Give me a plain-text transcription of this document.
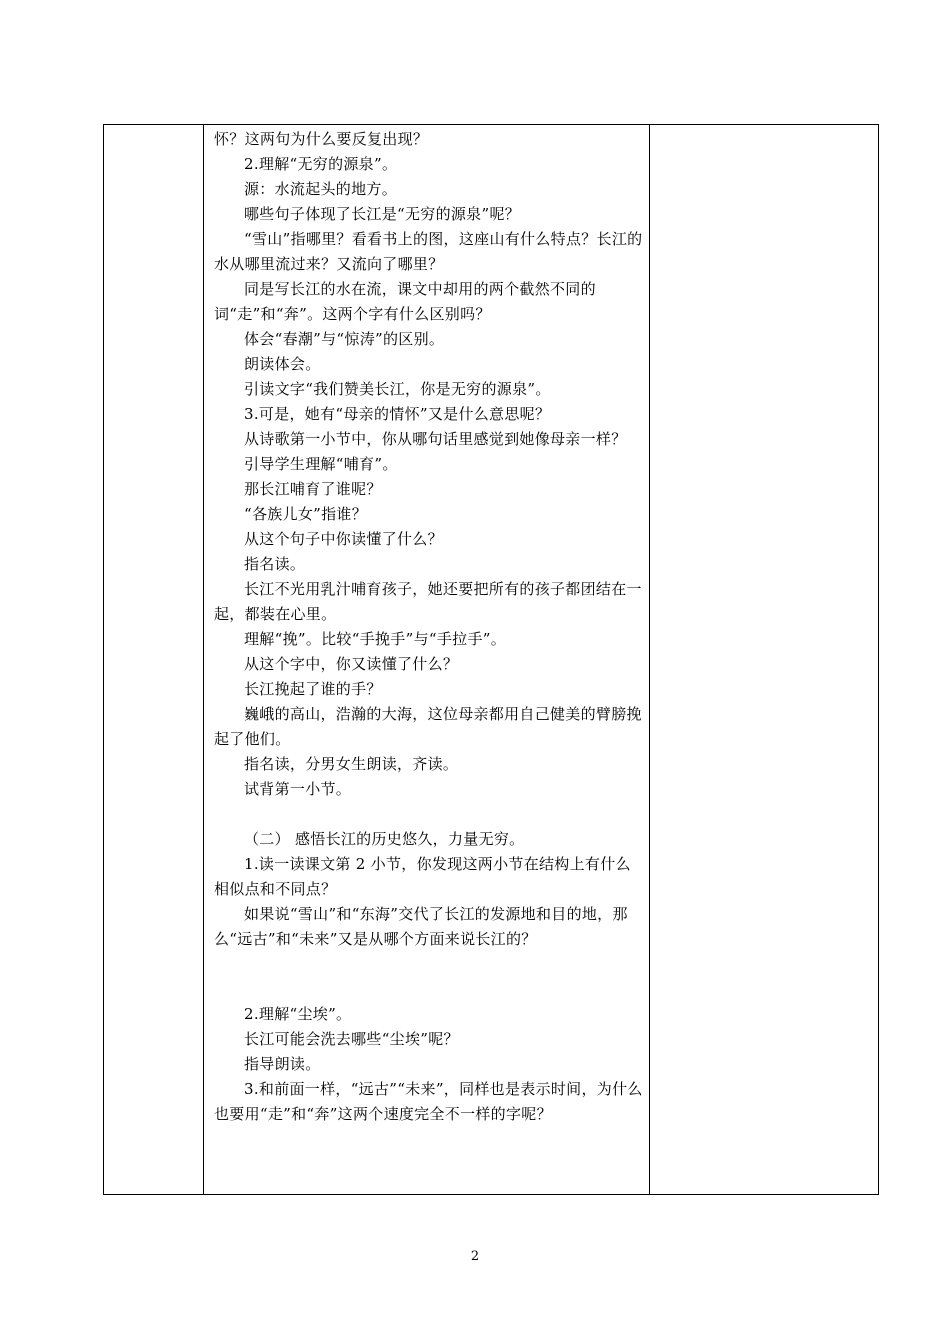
怀？这两句为什么要反复出现？

2.理解“无穷的源泉”。

源：水流起头的地方。

哪些句子体现了长江是“无穷的源泉”呢？

“雪山”指哪里？看看书上的图，这座山有什么特点？长江的水从哪里流过来？又流向了哪里？

同是写长江的水在流，课文中却用的两个截然不同的词“走”和“奔”。这两个字有什么区别吗？

体会“春潮”与“惊涛”的区别。

朗读体会。

引读文字“我们赞美长江，你是无穷的源泉”。

3.可是，她有“母亲的情怀”又是什么意思呢？

从诗歌第一小节中，你从哪句话里感觉到她像母亲一样？

引导学生理解“哺育”。

那长江哺育了谁呢？

“各族儿女”指谁？

从这个句子中你读懂了什么？

指名读。

长江不光用乳汁哺育孩子，她还要把所有的孩子都团结在一起，都装在心里。

理解“挽”。比较“手挽手”与“手拉手”。

从这个字中，你又读懂了什么？

长江挽起了谁的手？

巍峨的高山，浩瀚的大海，这位母亲都用自己健美的臂膀挽起了他们。

指名读，分男女生朗读，齐读。

试背第一小节。

（二） 感悟长江的历史悠久，力量无穷。

1.读一读课文第 2 小节，你发现这两小节在结构上有什么相似点和不同点？

如果说“雪山”和“东海”交代了长江的发源地和目的地，那么“远古”和“未来”又是从哪个方面来说长江的？

2.理解“尘埃”。

长江可能会洗去哪些“尘埃”呢？

指导朗读。

3.和前面一样，“远古”“未来”，同样也是表示时间，为什么也要用“走”和“奔”这两个速度完全不一样的字呢？

2
